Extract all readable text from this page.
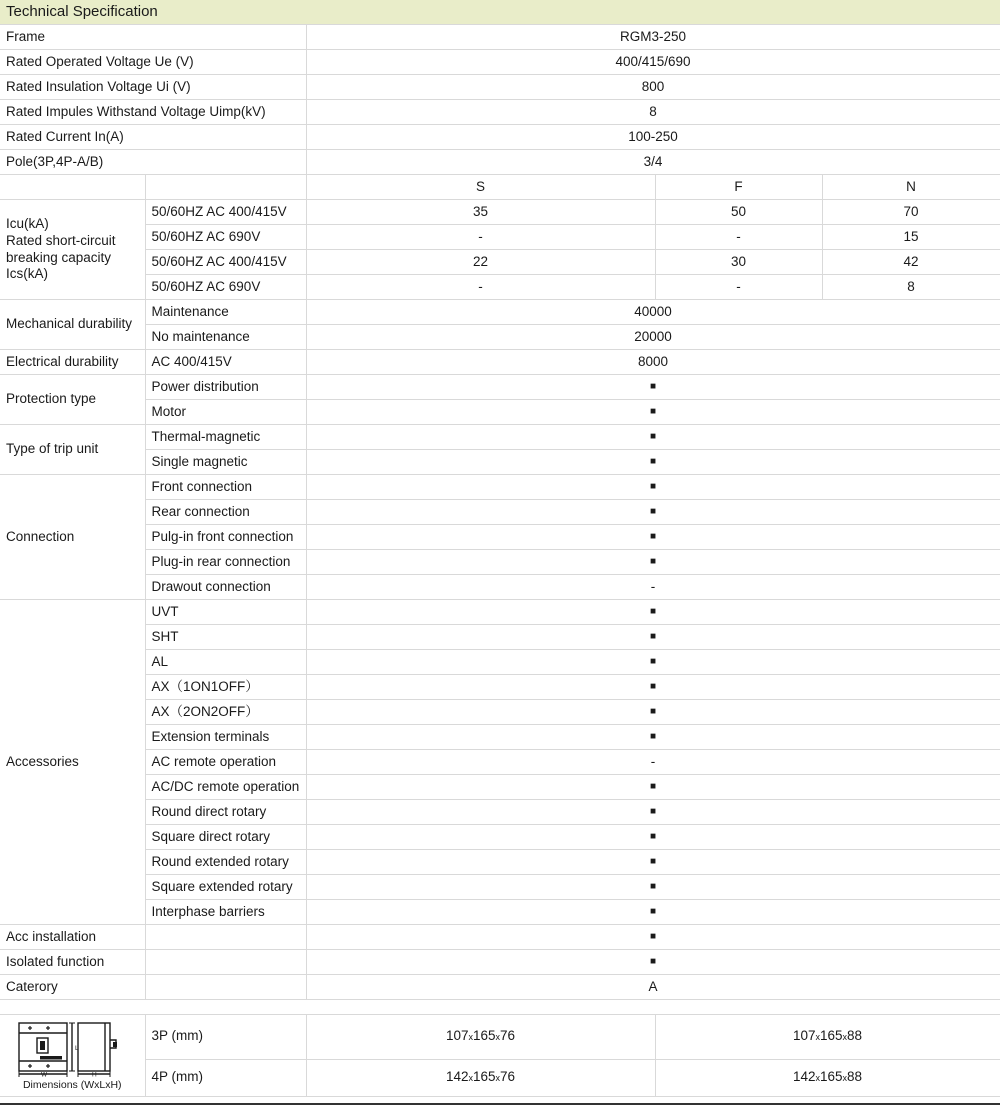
Technical Specification				
Frame		RGM3-250		
Rated Operated Voltage Ue (V)		400/415/690		
Rated Insulation Voltage Ui (V)		800		
Rated Impules Withstand Voltage Uimp(kV)		8		
Rated Current In(A)		100-250		
Pole(3P,4P-A/B)		3/4		
		S	F	N

Icu(kA)
Rated short-circuit
breaking capacity
Ics(kA)	50/60HZ AC 400/415V	35	50	70
	50/60HZ AC 690V	-	-	15
	50/60HZ AC 400/415V	22	30	42
	50/60HZ AC 690V	-	-	8
Mechanical durability	Maintenance	40000		
	No maintenance	20000		
Electrical durability	AC 400/415V	8000		
Protection type	Power distribution	■		
	Motor	■		
Type of trip unit	Thermal-magnetic	■		
	Single magnetic	■		
Connection	Front connection	■		
	Rear connection	■		
	Pulg-in front connection	■		
	Plug-in rear connection	■		
	Drawout connection	-		
Accessories	UVT	■		
	SHT	■		
	AL	■		
	AX（1ON1OFF）	■		
	AX（2ON2OFF）	■		
	Extension terminals	■		
	AC remote operation	-		
	AC/DC remote operation	■		
	Round direct rotary	■		
	Square direct rotary	■		
	Round extended rotary	■		
	Square extended rotary	■		
	Interphase barriers	■		
Acc installation		■		
Isolated function		■		
Caterory		A		

L
W H
Dimensions (WxLxH)	3P (mm)	107x165x76	107x165x88	
	4P (mm)	142x165x76	142x165x88	
